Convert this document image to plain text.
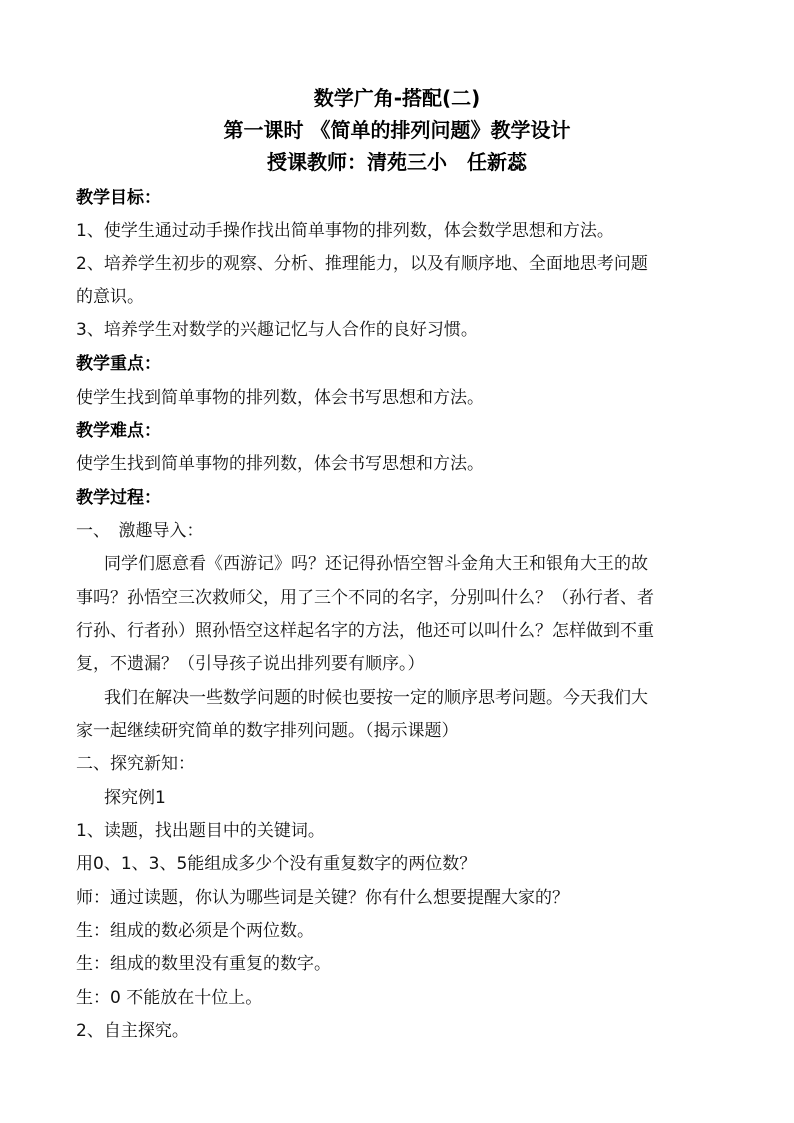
数学广角-搭配(二)
第一课时 《简单的排列问题》教学设计
授课教师：清苑三小　任新蕊
教学目标：
1、使学生通过动手操作找出简单事物的排列数，体会数学思想和方法。
2、培养学生初步的观察、分析、推理能力，以及有顺序地、全面地思考问题
的意识。
3、培养学生对数学的兴趣记忆与人合作的良好习惯。
教学重点：
使学生找到简单事物的排列数，体会书写思想和方法。
教学难点：
使学生找到简单事物的排列数，体会书写思想和方法。
教学过程：
一、　激趣导入：
同学们愿意看《西游记》吗？还记得孙悟空智斗金角大王和银角大王的故
事吗？孙悟空三次救师父，用了三个不同的名字，分别叫什么？（孙行者、者
行孙、行者孙）照孙悟空这样起名字的方法，他还可以叫什么？怎样做到不重
复，不遗漏？（引导孩子说出排列要有顺序。）
我们在解决一些数学问题的时候也要按一定的顺序思考问题。今天我们大
家一起继续研究简单的数字排列问题。（揭示课题）
二、探究新知：
探究例1
1、读题，找出题目中的关键词。
用0、1、3、5能组成多少个没有重复数字的两位数？
师：通过读题，你认为哪些词是关键？你有什么想要提醒大家的？
生：组成的数必须是个两位数。
生：组成的数里没有重复的数字。
生：0 不能放在十位上。
2、自主探究。
